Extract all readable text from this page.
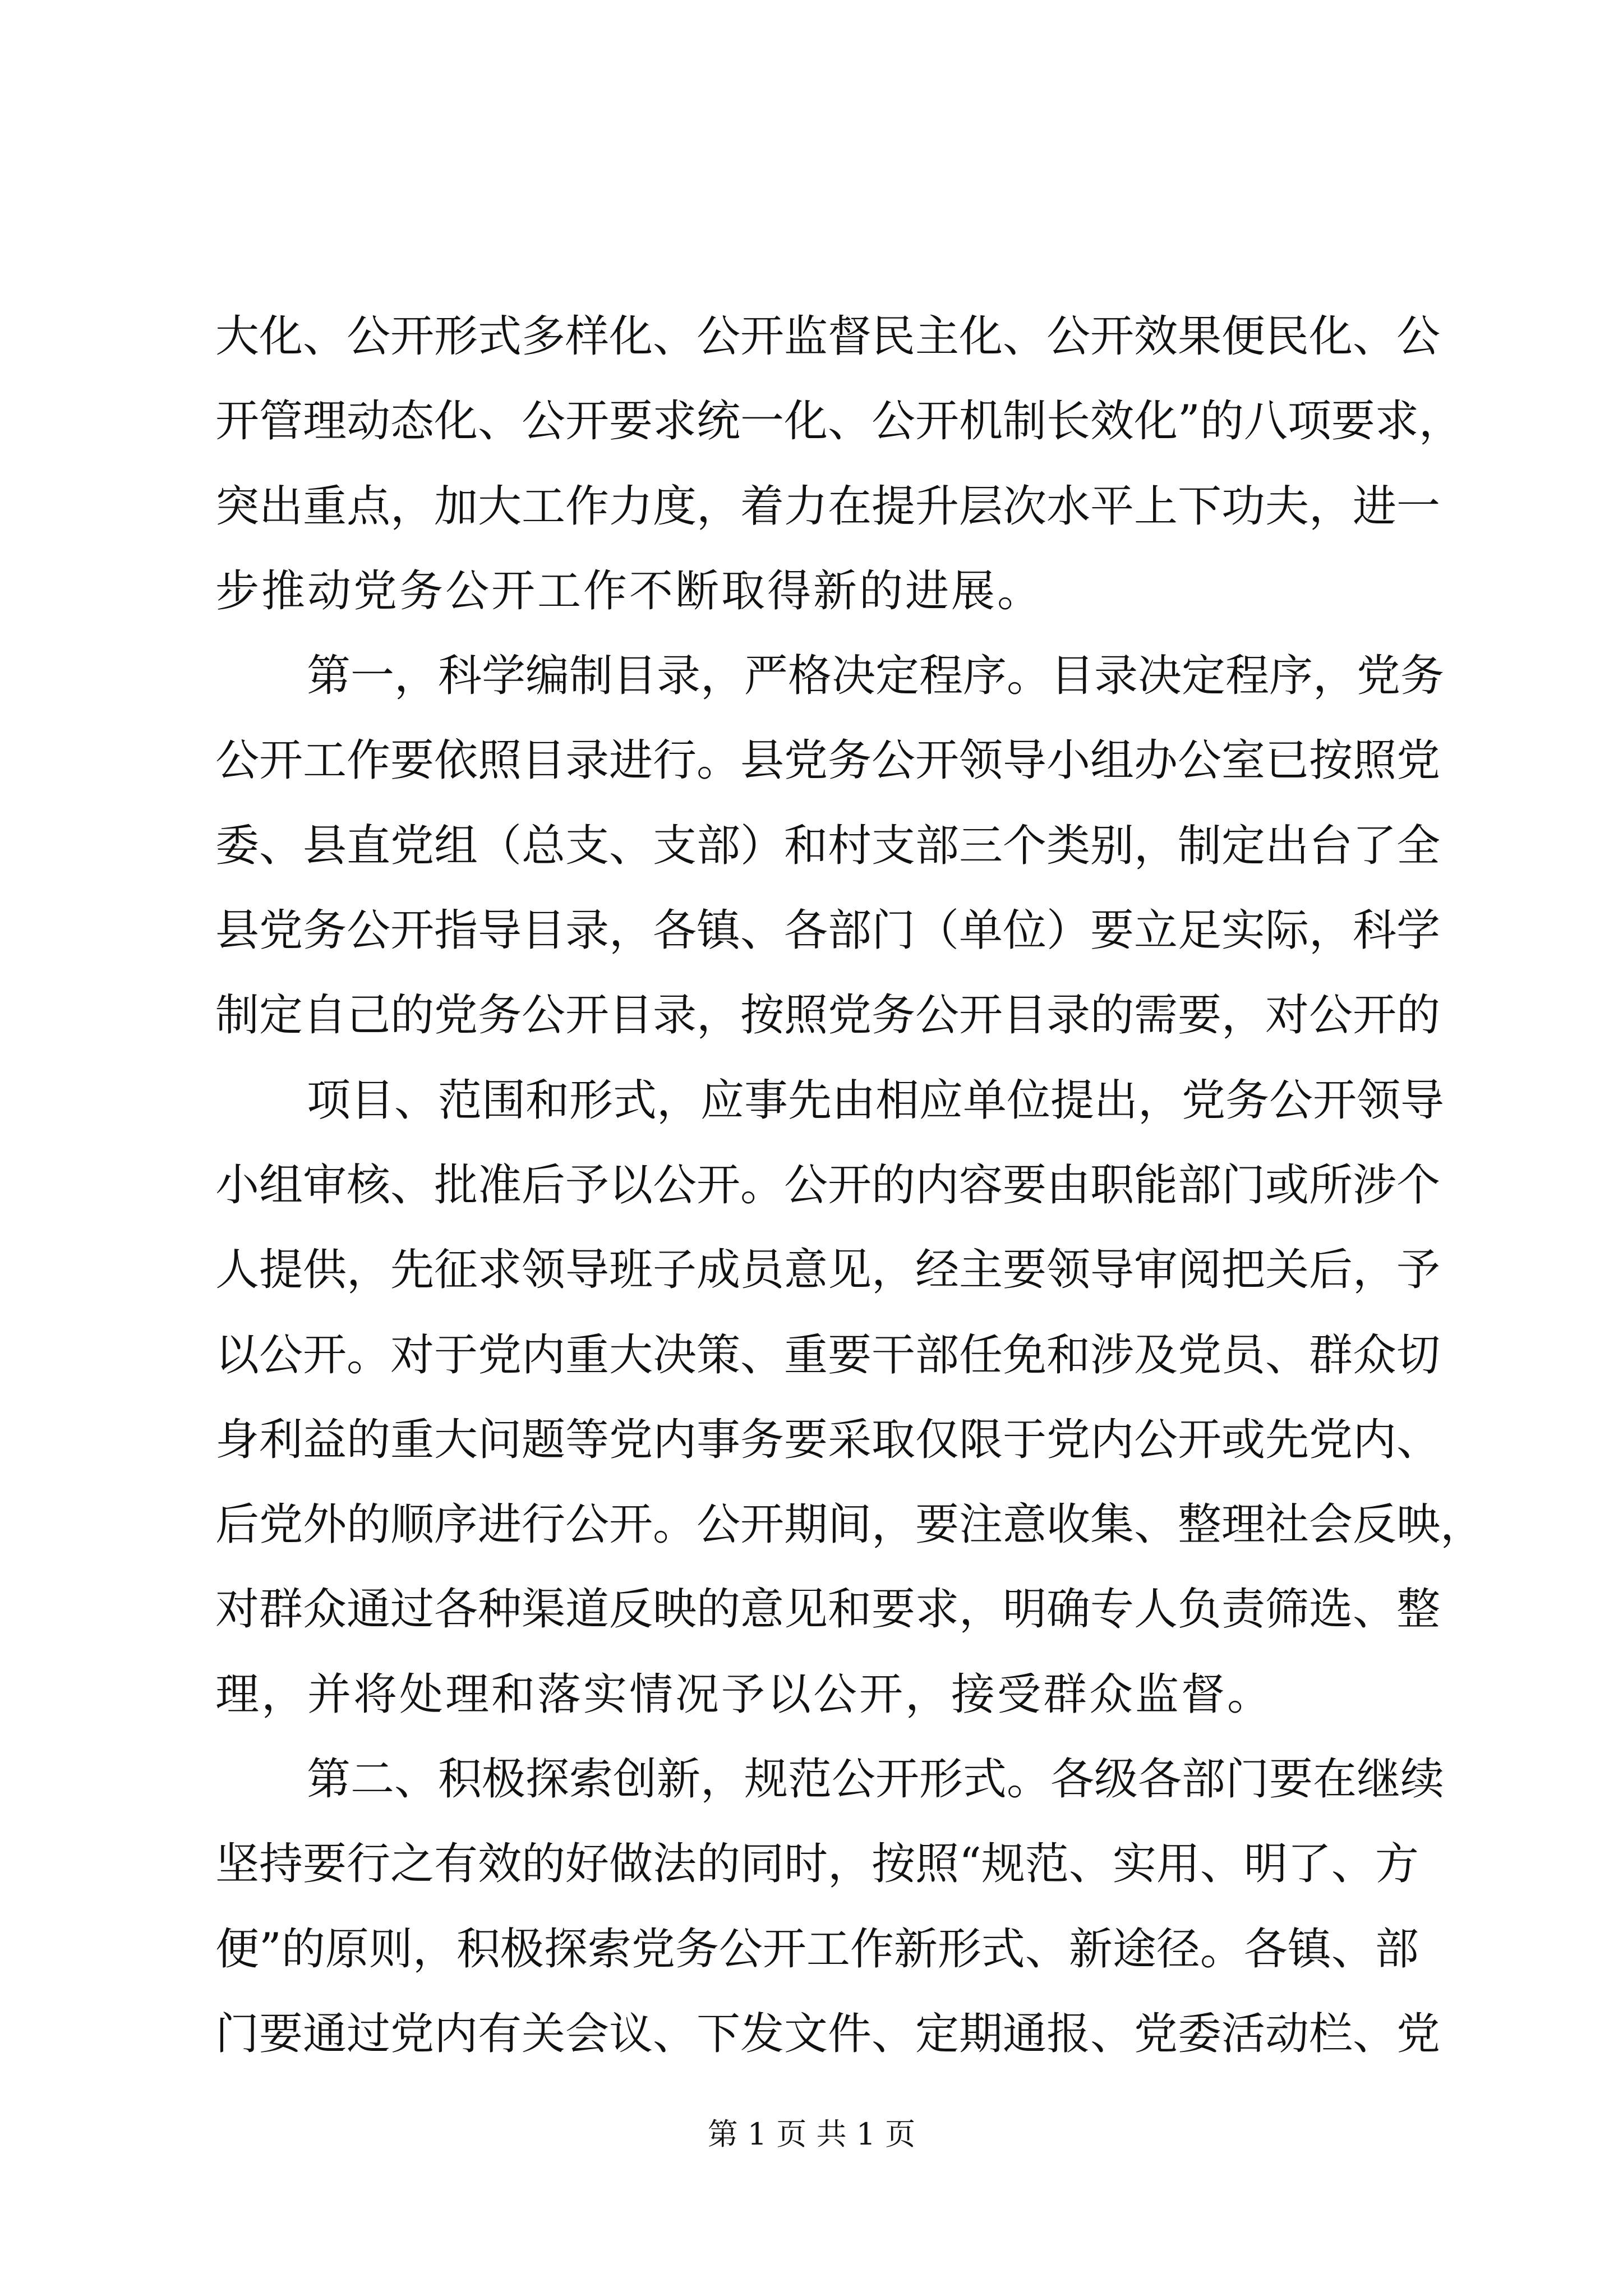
大化、公开形式多样化、公开监督民主化、公开效果便民化、公
开管理动态化、公开要求统一化、公开机制长效化”的八项要求，
突出重点，加大工作力度，着力在提升层次水平上下功夫，进一
步推动党务公开工作不断取得新的进展。
第一，科学编制目录，严格决定程序。目录决定程序，党务
公开工作要依照目录进行。县党务公开领导小组办公室已按照党
委、县直党组（总支、支部）和村支部三个类别，制定出台了全
县党务公开指导目录，各镇、各部门（单位）要立足实际，科学
制定自己的党务公开目录，按照党务公开目录的需要，对公开的
项目、范围和形式，应事先由相应单位提出，党务公开领导
小组审核、批准后予以公开。公开的内容要由职能部门或所涉个
人提供，先征求领导班子成员意见，经主要领导审阅把关后，予
以公开。对于党内重大决策、重要干部任免和涉及党员、群众切
身利益的重大问题等党内事务要采取仅限于党内公开或先党内、
后党外的顺序进行公开。公开期间，要注意收集、整理社会反映，
对群众通过各种渠道反映的意见和要求，明确专人负责筛选、整
理，并将处理和落实情况予以公开，接受群众监督。
第二、积极探索创新，规范公开形式。各级各部门要在继续
坚持要行之有效的好做法的同时，按照“规范、实用、明了、方
便”的原则，积极探索党务公开工作新形式、新途径。各镇、部
门要通过党内有关会议、下发文件、定期通报、党委活动栏、党
第 1 页 共 1 页
